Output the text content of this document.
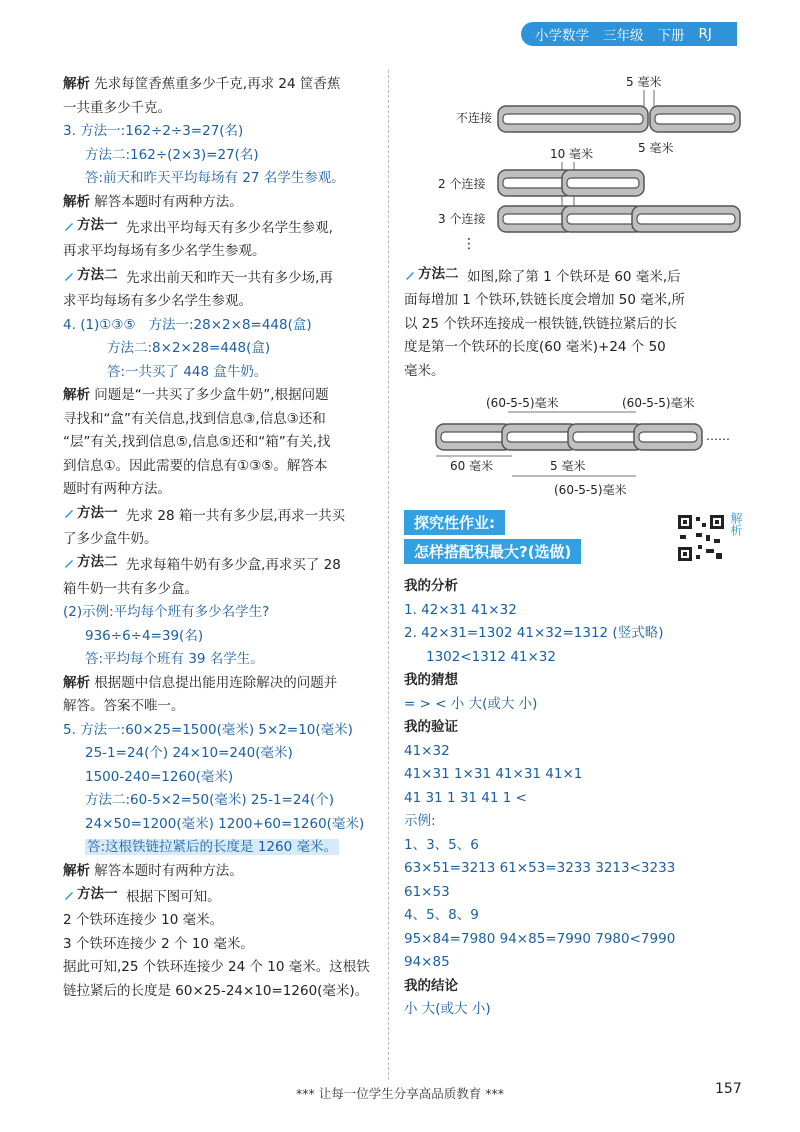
小学数学 三年级 下册 RJ
解析 先求每筐香蕉重多少千克,再求 24 筐香蕉
一共重多少千克。
3. 方法一:162÷2÷3=27(名)
方法二:162÷(2×3)=27(名)
答:前天和昨天平均每场有 27 名学生参观。
解析 解答本题时有两种方法。
方法一 先求出平均每天有多少名学生参观,
再求平均每场有多少名学生参观。
方法二 先求出前天和昨天一共有多少场,再
求平均每场有多少名学生参观。
4. (1)①③⑤ 方法一:28×2×8=448(盒)
方法二:8×2×28=448(盒)
答:一共买了 448 盒牛奶。
解析 问题是“一共买了多少盒牛奶”,根据问题
寻找和“盒”有关信息,找到信息③,信息③还和
“层”有关,找到信息⑤,信息⑤还和“箱”有关,找
到信息①。因此需要的信息有①③⑤。解答本
题时有两种方法。
方法一 先求 28 箱一共有多少层,再求一共买
了多少盒牛奶。
方法二 先求每箱牛奶有多少盒,再求买了 28
箱牛奶一共有多少盒。
(2)示例:平均每个班有多少名学生?
936÷6÷4=39(名)
答:平均每个班有 39 名学生。
解析 根据题中信息提出能用连除解决的问题并
解答。答案不唯一。
5. 方法一:60×25=1500(毫米) 5×2=10(毫米)
25-1=24(个) 24×10=240(毫米)
1500-240=1260(毫米)
方法二:60-5×2=50(毫米) 25-1=24(个)
24×50=1200(毫米) 1200+60=1260(毫米)
答:这根铁链拉紧后的长度是 1260 毫米。
解析 解答本题时有两种方法。
方法一 根据下图可知。
2 个铁环连接少 10 毫米。
3 个铁环连接少 2 个 10 毫米。
据此可知,25 个铁环连接少 24 个 10 毫米。这根铁
链拉紧后的长度是 60×25-24×10=1260(毫米)。
5 毫米
不连接
5 毫米
10 毫米
2 个连接
3 个连接
⋮
方法二 如图,除了第 1 个铁环是 60 毫米,后
面每增加 1 个铁环,铁链长度会增加 50 毫米,所
以 25 个铁环连接成一根铁链,铁链拉紧后的长
度是第一个铁环的长度(60 毫米)+24 个 50
毫米。
(60-5-5)毫米	(60-5-5)毫米
……
60 毫米	5 毫米
(60-5-5)毫米
探究性作业:
怎样搭配积最大?(选做)
解析
我的分析
1. 42×31 41×32
2. 42×31=1302 41×32=1312 (竖式略)
1302<1312 41×32
我的猜想
= > < 小 大(或大 小)
我的验证
41×32
41×31 1×31 41×31 41×1
41 31 1 31 41 1 <
示例:
1、3、5、6
63×51=3213 61×53=3233 3213<3233
61×53
4、5、8、9
95×84=7980 94×85=7990 7980<7990
94×85
我的结论
小 大(或大 小)
*** 让每一位学生分享高品质教育 ***	157
